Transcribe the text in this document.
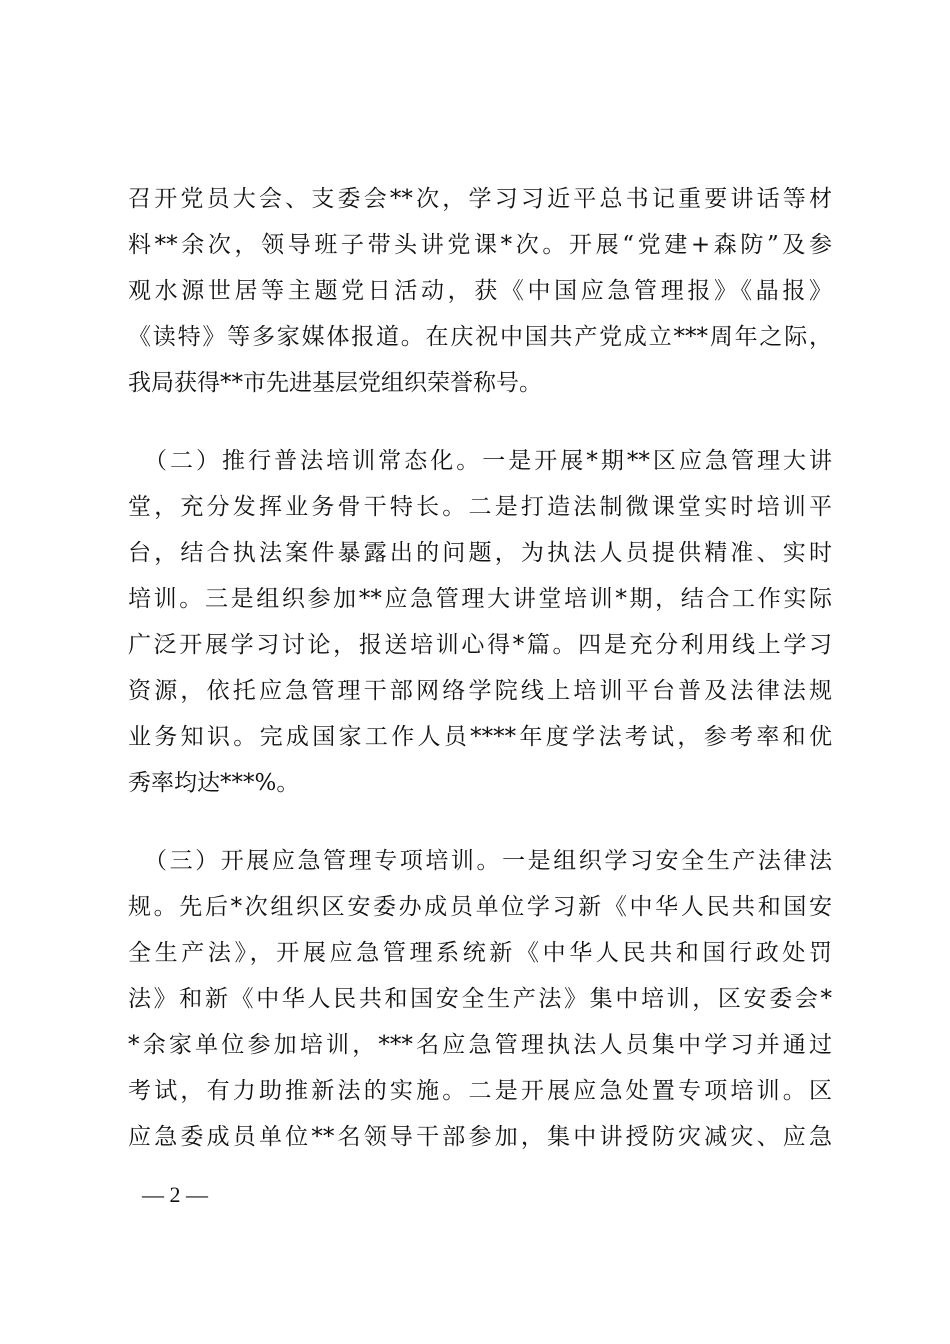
召开党员大会、支委会**次，学习习近平总书记重要讲话等材
料**余次，领导班子带头讲党课*次。开展“党建+森防”及参
观水源世居等主题党日活动，获《中国应急管理报》《晶报》
《读特》等多家媒体报道。在庆祝中国共产党成立***周年之际，
我局获得**市先进基层党组织荣誉称号。
（二）推行普法培训常态化。一是开展*期**区应急管理大讲
堂，充分发挥业务骨干特长。二是打造法制微课堂实时培训平
台，结合执法案件暴露出的问题，为执法人员提供精准、实时
培训。三是组织参加**应急管理大讲堂培训*期，结合工作实际
广泛开展学习讨论，报送培训心得*篇。四是充分利用线上学习
资源，依托应急管理干部网络学院线上培训平台普及法律法规
业务知识。完成国家工作人员****年度学法考试，参考率和优
秀率均达***%。
（三）开展应急管理专项培训。一是组织学习安全生产法律法
规。先后*次组织区安委办成员单位学习新《中华人民共和国安
全生产法》，开展应急管理系统新《中华人民共和国行政处罚
法》和新《中华人民共和国安全生产法》集中培训，区安委会*
*余家单位参加培训，***名应急管理执法人员集中学习并通过
考试，有力助推新法的实施。二是开展应急处置专项培训。区
应急委成员单位**名领导干部参加，集中讲授防灾减灾、应急
— 2 —
